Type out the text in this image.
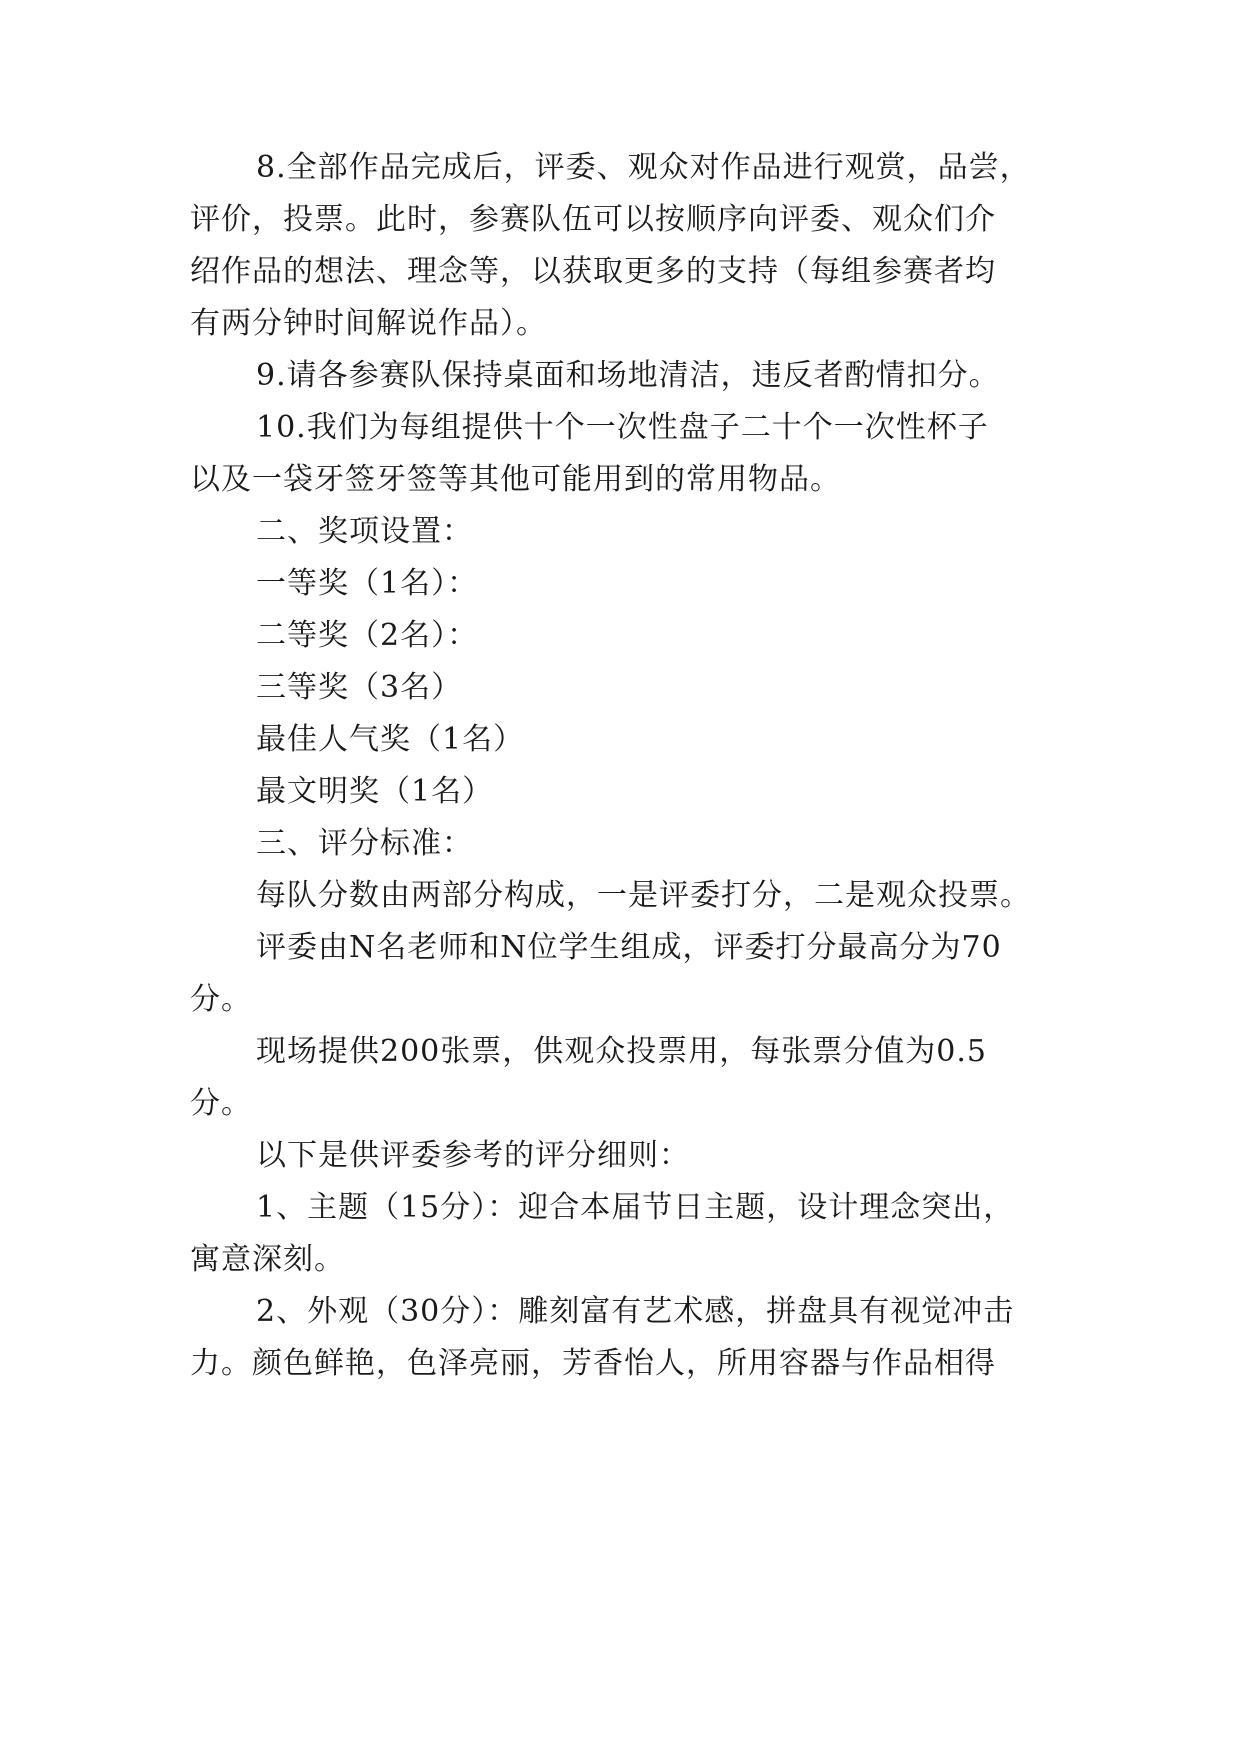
8.全部作品完成后，评委、观众对作品进行观赏，品尝，
评价，投票。此时，参赛队伍可以按顺序向评委、观众们介
绍作品的想法、理念等，以获取更多的支持（每组参赛者均
有两分钟时间解说作品）。
9.请各参赛队保持桌面和场地清洁，违反者酌情扣分。
10.我们为每组提供十个一次性盘子二十个一次性杯子
以及一袋牙签牙签等其他可能用到的常用物品。
二、奖项设置：
一等奖（1名）：
二等奖（2名）：
三等奖（3名）
最佳人气奖（1名）
最文明奖（1名）
三、评分标准：
每队分数由两部分构成，一是评委打分，二是观众投票。
评委由N名老师和N位学生组成，评委打分最高分为70
分。
现场提供200张票，供观众投票用，每张票分值为0.5
分。
以下是供评委参考的评分细则：
1、主题（15分）：迎合本届节日主题，设计理念突出，
寓意深刻。
2、外观（30分）：雕刻富有艺术感，拼盘具有视觉冲击
力。颜色鲜艳，色泽亮丽，芳香怡人，所用容器与作品相得
